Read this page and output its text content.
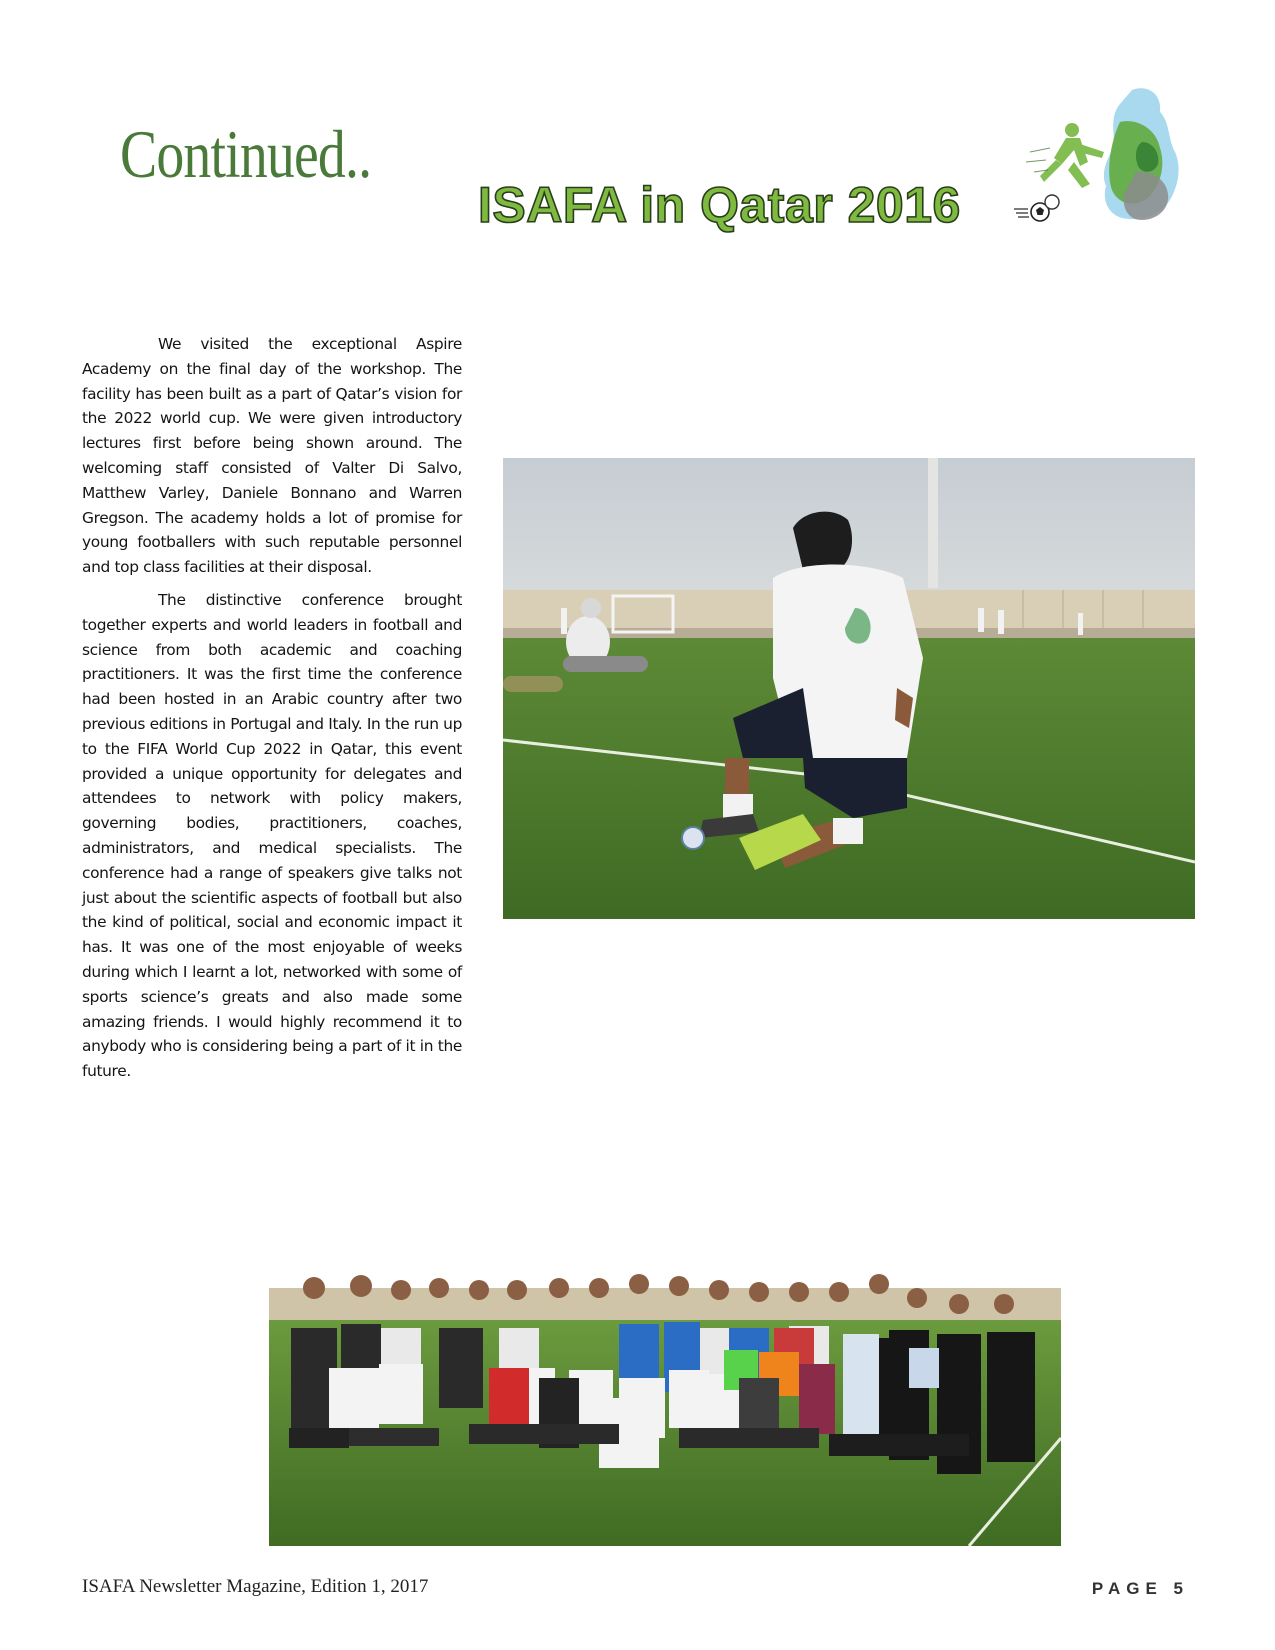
Continued..
ISAFA in Qatar 2016

We visited the exceptional Aspire Academy on the final day of the workshop. The facility has been built as a part of Qatar’s vision for the 2022 world cup. We were given introductory lectures first before being shown around. The welcoming staff consisted of Valter Di Salvo, Matthew Varley, Daniele Bonnano and Warren Gregson. The academy holds a lot of promise for young footballers with such reputable personnel and top class facilities at their disposal.

The distinctive conference brought together experts and world leaders in football and science from both academic and coaching practitioners. It was the first time the conference had been hosted in an Arabic country after two previous editions in Portugal and Italy. In the run up to the FIFA World Cup 2022 in Qatar, this event provided a unique opportunity for delegates and attendees to network with policy makers, governing bodies, practitioners, coaches, administrators, and medical specialists. The conference had a range of speakers give talks not just about the scientific aspects of football but also the kind of political, social and economic impact it has. It was one of the most enjoyable of weeks during which I learnt a lot, networked with some of sports science’s greats and also made some amazing friends. I would highly recommend it to anybody who is considering being a part of it in the future.

ISAFA Newsletter Magazine, Edition 1, 2017	PAGE 5
